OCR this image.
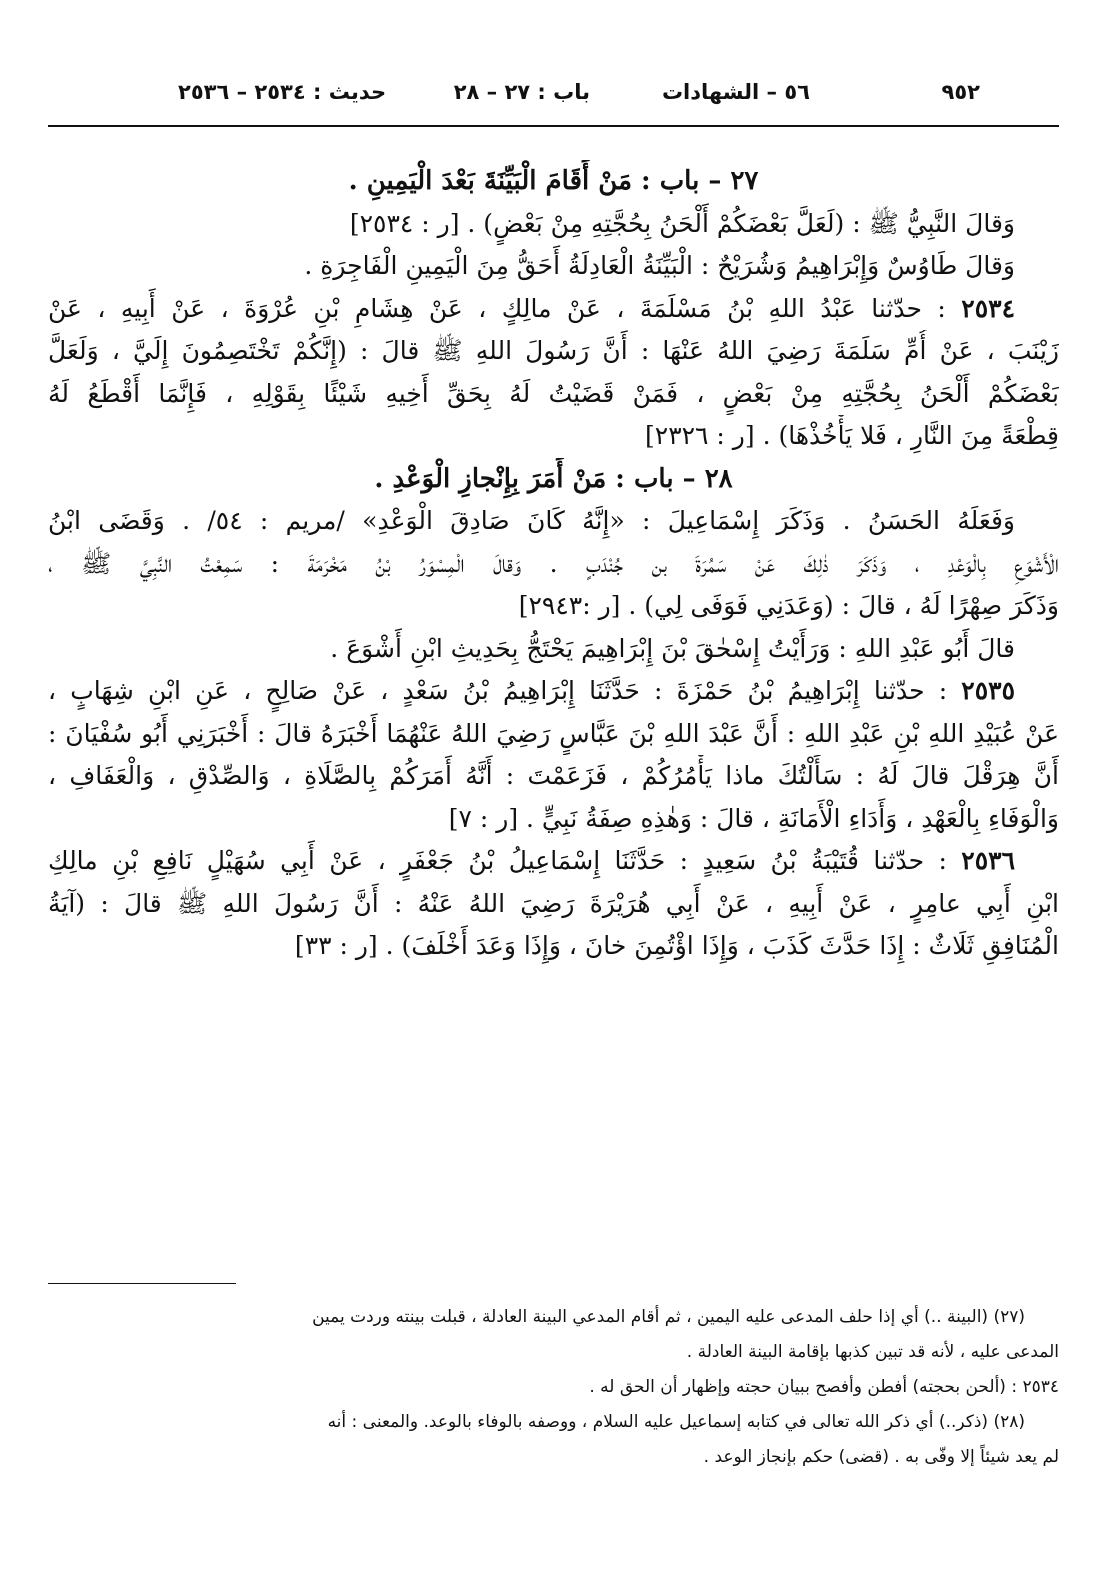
٩٥٢
٥٦ – الشهادات
باب : ٢٧ – ٢٨
حديث : ٢٥٣٤ – ٢٥٣٦
٢٧ – باب : مَنْ أَقَامَ الْبَيِّنَةَ بَعْدَ الْيَمِينِ .
وَقالَ النَّبِيُّ ﷺ : (لَعَلَّ بَعْضَكُمْ أَلْحَنُ بِحُجَّتِهِ مِنْ بَعْضٍ) . [ر : ٢٥٣٤]
وَقالَ طَاوُسٌ وَإِبْرَاهِيمُ وَشُرَيْحٌ : الْبَيِّنَةُ الْعَادِلَةُ أَحَقُّ مِنَ الْيَمِينِ الْفَاجِرَةِ .
٢٥٣٤ : حدّثنا عَبْدُ اللهِ بْنُ مَسْلَمَةَ ، عَنْ مالِكٍ ، عَنْ هِشَامِ بْنِ عُرْوَةَ ، عَنْ أَبِيهِ ، عَنْ
زَيْنَبَ ، عَنْ أُمِّ سَلَمَةَ رَضِيَ اللهُ عَنْهَا : أَنَّ رَسُولَ اللهِ ﷺ قالَ : (إِنَّكُمْ تَخْتَصِمُونَ إِلَيَّ ، وَلَعَلَّ
بَعْضَكُمْ أَلْحَنُ بِحُجَّتِهِ مِنْ بَعْضٍ ، فَمَنْ قَضَيْتُ لَهُ بِحَقِّ أَخِيهِ شَيْئًا بِقَوْلِهِ ، فَإِنَّمَا أَقْطَعُ لَهُ
قِطْعَةً مِنَ النَّارِ ، فَلا يَأْخُذْهَا) . [ر : ٢٣٢٦]
٢٨ – باب : مَنْ أَمَرَ بِإِنْجازِ الْوَعْدِ .
وَفَعَلَهُ الحَسَنُ . وَذَكَرَ إِسْمَاعِيلَ : «إِنَّهُ كَانَ صَادِقَ الْوَعْدِ» /مريم : ٥٤/ . وَقَضَى ابْنُ
الْأَشْوَعِ بِالْوَعْدِ ، وَذَكَرَ ذٰلِكَ عَنْ سَمُرَةَ بن جُنْدَبٍ . وَقالَ الْمِسْوَرُ بْنُ مَخْرَمَةَ : سَمِعْتُ النَّبِيَّ ﷺ ،
وَذَكَرَ صِهْرًا لَهُ ، قالَ : (وَعَدَنِي فَوَفَى لِي) . [ر :٢٩٤٣]
قالَ أَبُو عَبْدِ اللهِ : وَرَأَيْتُ إِسْحٰقَ بْنَ إِبْرَاهِيمَ يَحْتَجُّ بِحَدِيثِ ابْنِ أَشْوَعَ .
٢٥٣٥ : حدّثنا إِبْرَاهِيمُ بْنُ حَمْزَةَ : حَدَّثَنَا إِبْرَاهِيمُ بْنُ سَعْدٍ ، عَنْ صَالِحٍ ، عَنِ ابْنِ شِهَابٍ ،
عَنْ عُبَيْدِ اللهِ بْنِ عَبْدِ اللهِ : أَنَّ عَبْدَ اللهِ بْنَ عَبَّاسٍ رَضِيَ اللهُ عَنْهُمَا أَخْبَرَهُ قالَ : أَخْبَرَنِي أَبُو سُفْيَانَ :
أَنَّ هِرَقْلَ قالَ لَهُ : سَأَلْتُكَ ماذا يَأْمُرُكُمْ ، فَزَعَمْتَ : أَنَّهُ أَمَرَكُمْ بِالصَّلَاةِ ، وَالصِّدْقِ ، وَالْعَفَافِ ،
وَالْوَفَاءِ بِالْعَهْدِ ، وَأَدَاءِ الْأَمَانَةِ ، قالَ : وَهٰذِهِ صِفَةُ نَبِيٍّ . [ر : ٧]
٢٥٣٦ : حدّثنا قُتَيْبَةُ بْنُ سَعِيدٍ : حَدَّثَنَا إِسْمَاعِيلُ بْنُ جَعْفَرٍ ، عَنْ أَبِي سُهَيْلٍ نَافِعِ بْنِ مالِكِ
ابْنِ أَبِي عامِرٍ ، عَنْ أَبِيهِ ، عَنْ أَبِي هُرَيْرَةَ رَضِيَ اللهُ عَنْهُ : أَنَّ رَسُولَ اللهِ ﷺ قالَ : (آيَةُ
الْمُنَافِقِ ثَلَاثٌ : إِذَا حَدَّثَ كَذَبَ ، وَإِذَا اؤْتُمِنَ خانَ ، وَإِذَا وَعَدَ أَخْلَفَ) . [ر : ٣٣]
(٢٧) (البينة ..) أي إذا حلف المدعى عليه اليمين ، ثم أقام المدعي البينة العادلة ، قبلت بينته وردت يمين
المدعى عليه ، لأنه قد تبين كذبها بإقامة البينة العادلة .
٢٥٣٤ : (ألحن بحجته) أفطن وأفصح ببيان حجته وإظهار أن الحق له .
(٢٨) (ذكر..) أي ذكر الله تعالى في كتابه إسماعيل عليه السلام ، ووصفه بالوفاء بالوعد. والمعنى : أنه
لم يعد شيئاً إلا وفّى به . (قضى) حكم بإنجاز الوعد .
